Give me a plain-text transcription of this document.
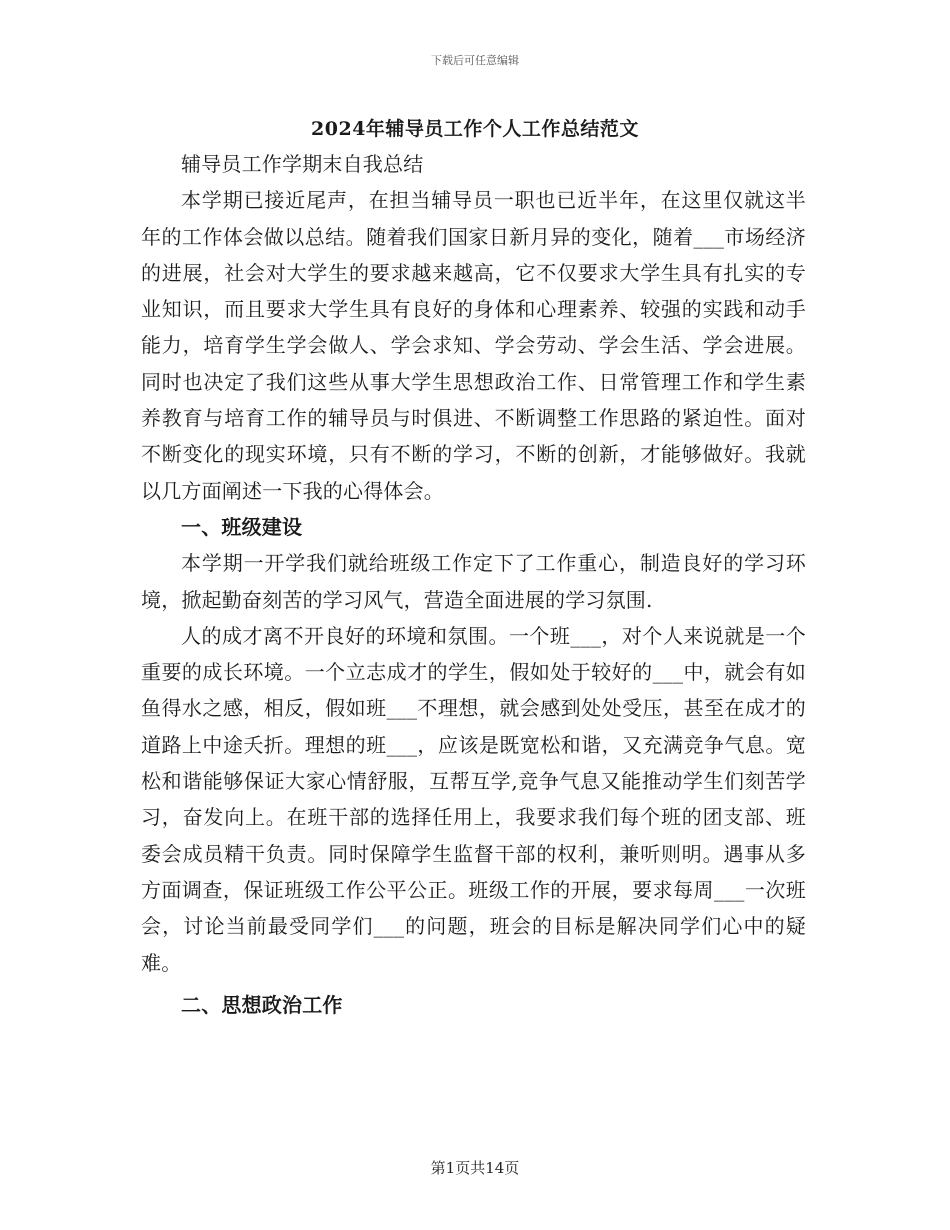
下载后可任意编辑
2024年辅导员工作个人工作总结范文

辅导员工作学期末自我总结

本学期已接近尾声，在担当辅导员一职也已近半年，在这里仅就这半年的工作体会做以总结。随着我们国家日新月异的变化，随着___市场经济的进展，社会对大学生的要求越来越高，它不仅要求大学生具有扎实的专业知识，而且要求大学生具有良好的身体和心理素养、较强的实践和动手能力，培育学生学会做人、学会求知、学会劳动、学会生活、学会进展。同时也决定了我们这些从事大学生思想政治工作、日常管理工作和学生素养教育与培育工作的辅导员与时俱进、不断调整工作思路的紧迫性。面对不断变化的现实环境，只有不断的学习，不断的创新，才能够做好。我就以几方面阐述一下我的心得体会。

一、班级建设

本学期一开学我们就给班级工作定下了工作重心，制造良好的学习环境，掀起勤奋刻苦的学习风气，营造全面进展的学习氛围.

人的成才离不开良好的环境和氛围。一个班___，对个人来说就是一个重要的成长环境。一个立志成才的学生，假如处于较好的___中，就会有如鱼得水之感，相反，假如班___不理想，就会感到处处受压，甚至在成才的道路上中途夭折。理想的班___，应该是既宽松和谐，又充满竞争气息。宽松和谐能够保证大家心情舒服，互帮互学,竞争气息又能推动学生们刻苦学习，奋发向上。在班干部的选择任用上，我要求我们每个班的团支部、班委会成员精干负责。同时保障学生监督干部的权利，兼听则明。遇事从多方面调查，保证班级工作公平公正。班级工作的开展，要求每周___一次班会，讨论当前最受同学们___的问题，班会的目标是解决同学们心中的疑难。

二、思想政治工作

第1页共14页
